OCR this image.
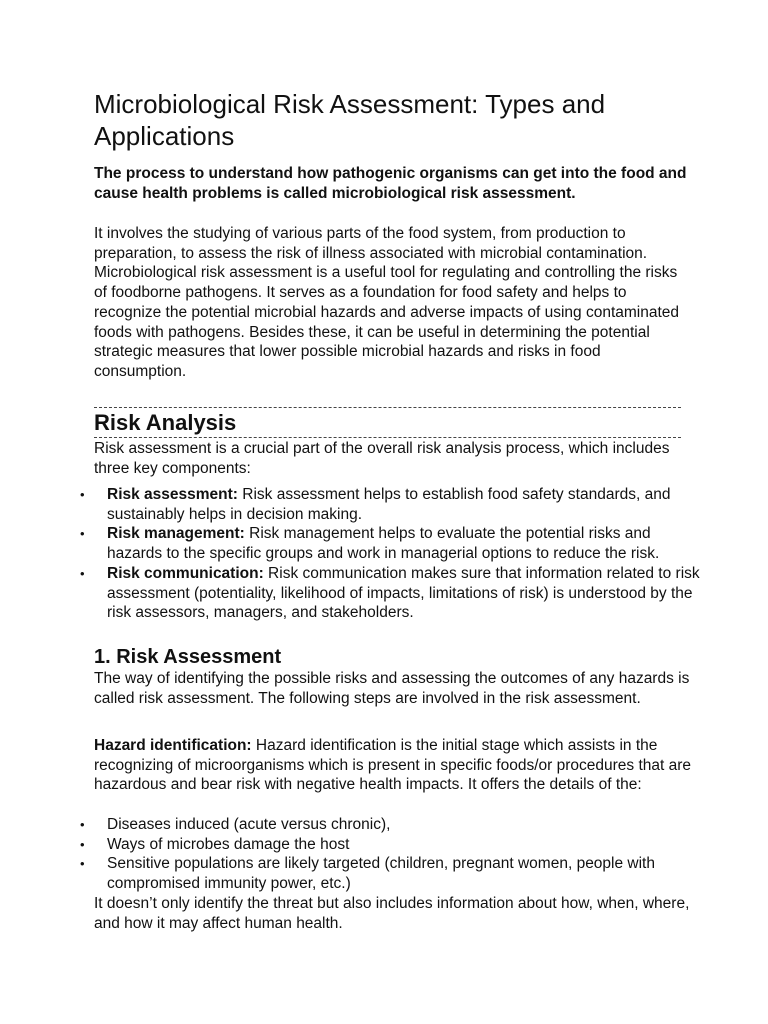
Microbiological Risk Assessment: Types and Applications

The process to understand how pathogenic organisms can get into the food and cause health problems is called microbiological risk assessment.

It involves the studying of various parts of the food system, from production to preparation, to assess the risk of illness associated with microbial contamination. Microbiological risk assessment is a useful tool for regulating and controlling the risks of foodborne pathogens. It serves as a foundation for food safety and helps to recognize the potential microbial hazards and adverse impacts of using contaminated foods with pathogens. Besides these, it can be useful in determining the potential strategic measures that lower possible microbial hazards and risks in food consumption.

Risk Analysis

Risk assessment is a crucial part of the overall risk analysis process, which includes three key components:

• Risk assessment: Risk assessment helps to establish food safety standards, and sustainably helps in decision making.
• Risk management: Risk management helps to evaluate the potential risks and hazards to the specific groups and work in managerial options to reduce the risk.
• Risk communication: Risk communication makes sure that information related to risk assessment (potentiality, likelihood of impacts, limitations of risk) is understood by the risk assessors, managers, and stakeholders.
1. Risk Assessment

The way of identifying the possible risks and assessing the outcomes of any hazards is called risk assessment. The following steps are involved in the risk assessment.

Hazard identification: Hazard identification is the initial stage which assists in the recognizing of microorganisms which is present in specific foods/or procedures that are hazardous and bear risk with negative health impacts. It offers the details of the:

• Diseases induced (acute versus chronic),
• Ways of microbes damage the host
• Sensitive populations are likely targeted (children, pregnant women, people with compromised immunity power, etc.)

It doesn’t only identify the threat but also includes information about how, when, where, and how it may affect human health.
